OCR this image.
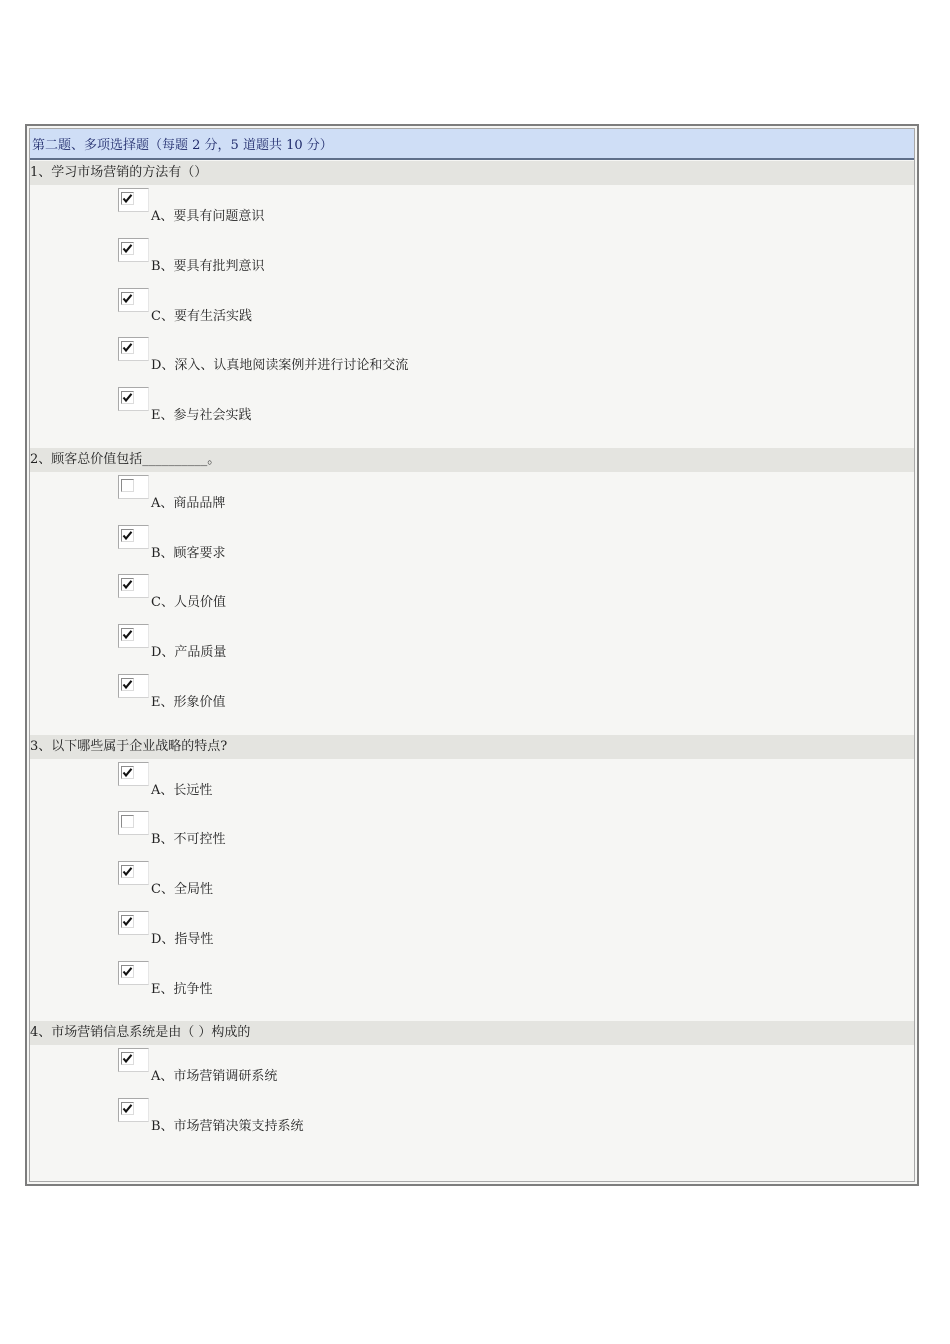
第二题、多项选择题（每题 2 分，5 道题共 10 分）
1、学习市场营销的方法有（）
A、要具有问题意识
B、要具有批判意识
C、要有生活实践
D、深入、认真地阅读案例并进行讨论和交流
E、参与社会实践
2、顾客总价值包括__________。
A、商品品牌
B、顾客要求
C、人员价值
D、产品质量
E、形象价值
3、以下哪些属于企业战略的特点?
A、长远性
B、不可控性
C、全局性
D、指导性
E、抗争性
4、市场营销信息系统是由（ ）构成的
A、市场营销调研系统
B、市场营销决策支持系统
